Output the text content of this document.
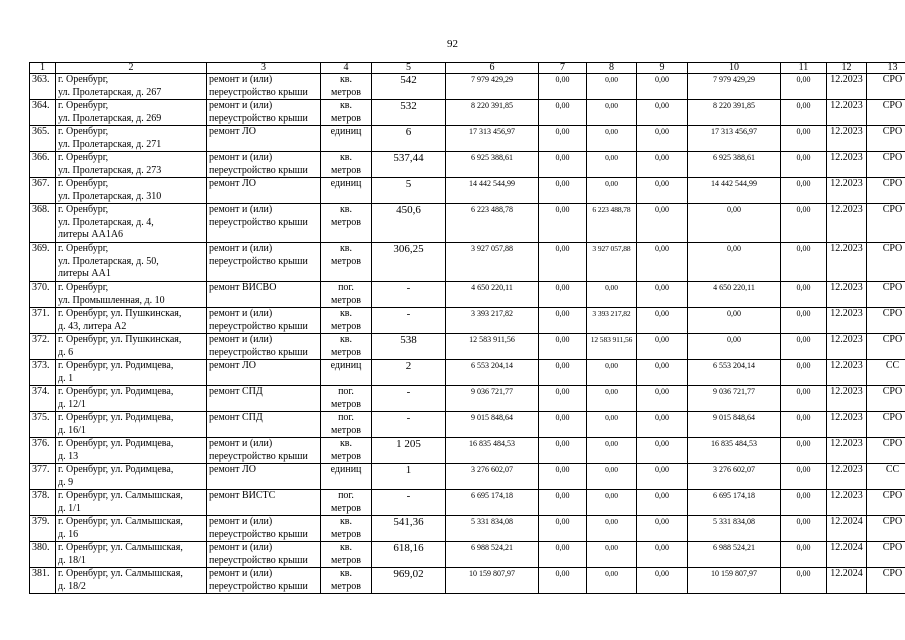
92
1	2	3	4	5	6	7	8	9	10	11	12	13
363.	г. Оренбург,
ул. Пролетарская, д. 267	ремонт и (или)
переустройство крыши	кв.
метров	542	7 979 429,29	0,00	0,00	0,00	7 979 429,29	0,00	12.2023	СРО
364.	г. Оренбург,
ул. Пролетарская, д. 269	ремонт и (или)
переустройство крыши	кв.
метров	532	8 220 391,85	0,00	0,00	0,00	8 220 391,85	0,00	12.2023	СРО
365.	г. Оренбург,
ул. Пролетарская, д. 271	ремонт ЛО	единиц	6	17 313 456,97	0,00	0,00	0,00	17 313 456,97	0,00	12.2023	СРО
366.	г. Оренбург,
ул. Пролетарская, д. 273	ремонт и (или)
переустройство крыши	кв.
метров	537,44	6 925 388,61	0,00	0,00	0,00	6 925 388,61	0,00	12.2023	СРО
367.	г. Оренбург,
ул. Пролетарская, д. 310	ремонт ЛО	единиц	5	14 442 544,99	0,00	0,00	0,00	14 442 544,99	0,00	12.2023	СРО
368.	г. Оренбург,
ул. Пролетарская, д. 4,
литеры АА1А6	ремонт и (или)
переустройство крыши	кв.
метров	450,6	6 223 488,78	0,00	6 223 488,78	0,00	0,00	0,00	12.2023	СРО
369.	г. Оренбург,
ул. Пролетарская, д. 50,
литеры АА1	ремонт и (или)
переустройство крыши	кв.
метров	306,25	3 927 057,88	0,00	3 927 057,88	0,00	0,00	0,00	12.2023	СРО
370.	г. Оренбург,
ул. Промышленная, д. 10	ремонт ВИСВО	пог.
метров	-	4 650 220,11	0,00	0,00	0,00	4 650 220,11	0,00	12.2023	СРО
371.	г. Оренбург, ул. Пушкинская,
д. 43, литера А2	ремонт и (или)
переустройство крыши	кв.
метров	-	3 393 217,82	0,00	3 393 217,82	0,00	0,00	0,00	12.2023	СРО
372.	г. Оренбург, ул. Пушкинская,
д. 6	ремонт и (или)
переустройство крыши	кв.
метров	538	12 583 911,56	0,00	12 583 911,56	0,00	0,00	0,00	12.2023	СРО
373.	г. Оренбург, ул. Родимцева,
д. 1	ремонт ЛО	единиц	2	6 553 204,14	0,00	0,00	0,00	6 553 204,14	0,00	12.2023	СС
374.	г. Оренбург, ул. Родимцева,
д. 12/1	ремонт СПД	пог.
метров	-	9 036 721,77	0,00	0,00	0,00	9 036 721,77	0,00	12.2023	СРО
375.	г. Оренбург, ул. Родимцева,
д. 16/1	ремонт СПД	пог.
метров	-	9 015 848,64	0,00	0,00	0,00	9 015 848,64	0,00	12.2023	СРО
376.	г. Оренбург, ул. Родимцева,
д. 13	ремонт и (или)
переустройство крыши	кв.
метров	1 205	16 835 484,53	0,00	0,00	0,00	16 835 484,53	0,00	12.2023	СРО
377.	г. Оренбург, ул. Родимцева,
д. 9	ремонт ЛО	единиц	1	3 276 602,07	0,00	0,00	0,00	3 276 602,07	0,00	12.2023	СС
378.	г. Оренбург, ул. Салмышская,
д. 1/1	ремонт ВИСТС	пог.
метров	-	6 695 174,18	0,00	0,00	0,00	6 695 174,18	0,00	12.2023	СРО
379.	г. Оренбург, ул. Салмышская,
д. 16	ремонт и (или)
переустройство крыши	кв.
метров	541,36	5 331 834,08	0,00	0,00	0,00	5 331 834,08	0,00	12.2024	СРО
380.	г. Оренбург, ул. Салмышская,
д. 18/1	ремонт и (или)
переустройство крыши	кв.
метров	618,16	6 988 524,21	0,00	0,00	0,00	6 988 524,21	0,00	12.2024	СРО
381.	г. Оренбург, ул. Салмышская,
д. 18/2	ремонт и (или)
переустройство крыши	кв.
метров	969,02	10 159 807,97	0,00	0,00	0,00	10 159 807,97	0,00	12.2024	СРО
